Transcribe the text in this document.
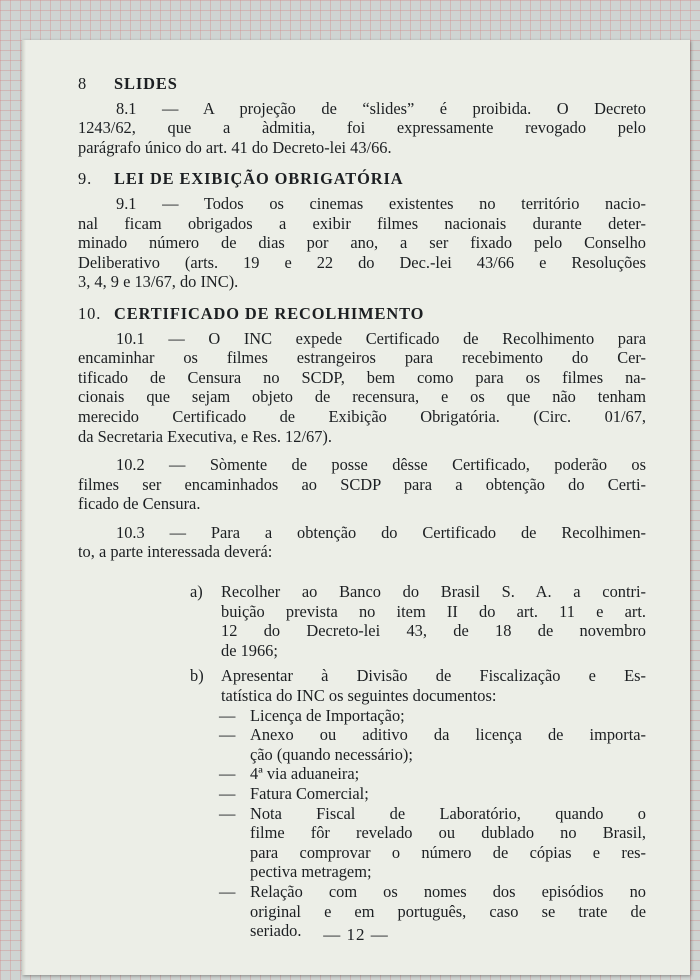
8 SLIDES
8.1 — A projeção de “slides” é proibida. O Decreto
1243/62, que a àdmitia, foi expressamente revogado pelo
parágrafo único do art. 41 do Decreto-lei 43/66.
9. LEI DE EXIBIÇÃO OBRIGATÓRIA
9.1 — Todos os cinemas existentes no território nacio-
nal ficam obrigados a exibir filmes nacionais durante deter-
minado número de dias por ano, a ser fixado pelo Conselho
Deliberativo (arts. 19 e 22 do Dec.-lei 43/66 e Resoluções
3, 4, 9 e 13/67, do INC).
10. CERTIFICADO DE RECOLHIMENTO
10.1 — O INC expede Certificado de Recolhimento para
encaminhar os filmes estrangeiros para recebimento do Cer-
tificado de Censura no SCDP, bem como para os filmes na-
cionais que sejam objeto de recensura, e os que não tenham
merecido Certificado de Exibição Obrigatória. (Circ. 01/67,
da Secretaria Executiva, e Res. 12/67).
10.2 — Sòmente de posse dêsse Certificado, poderão os
filmes ser encaminhados ao SCDP para a obtenção do Certi-
ficado de Censura.
10.3 — Para a obtenção do Certificado de Recolhimen-
to, a parte interessada deverá:
a) Recolher ao Banco do Brasil S. A. a contri-
buição prevista no item II do art. 11 e art.
12 do Decreto-lei 43, de 18 de novembro
de 1966;
b) Apresentar à Divisão de Fiscalização e Es-
tatística do INC os seguintes documentos:
— Licença de Importação;
— Anexo ou aditivo da licença de importa-
ção (quando necessário);
— 4ª via aduaneira;
— Fatura Comercial;
— Nota Fiscal de Laboratório, quando o
filme fôr revelado ou dublado no Brasil,
para comprovar o número de cópias e res-
pectiva metragem;
— Relação com os nomes dos episódios no
original e em português, caso se trate de
seriado.	— 12 —
